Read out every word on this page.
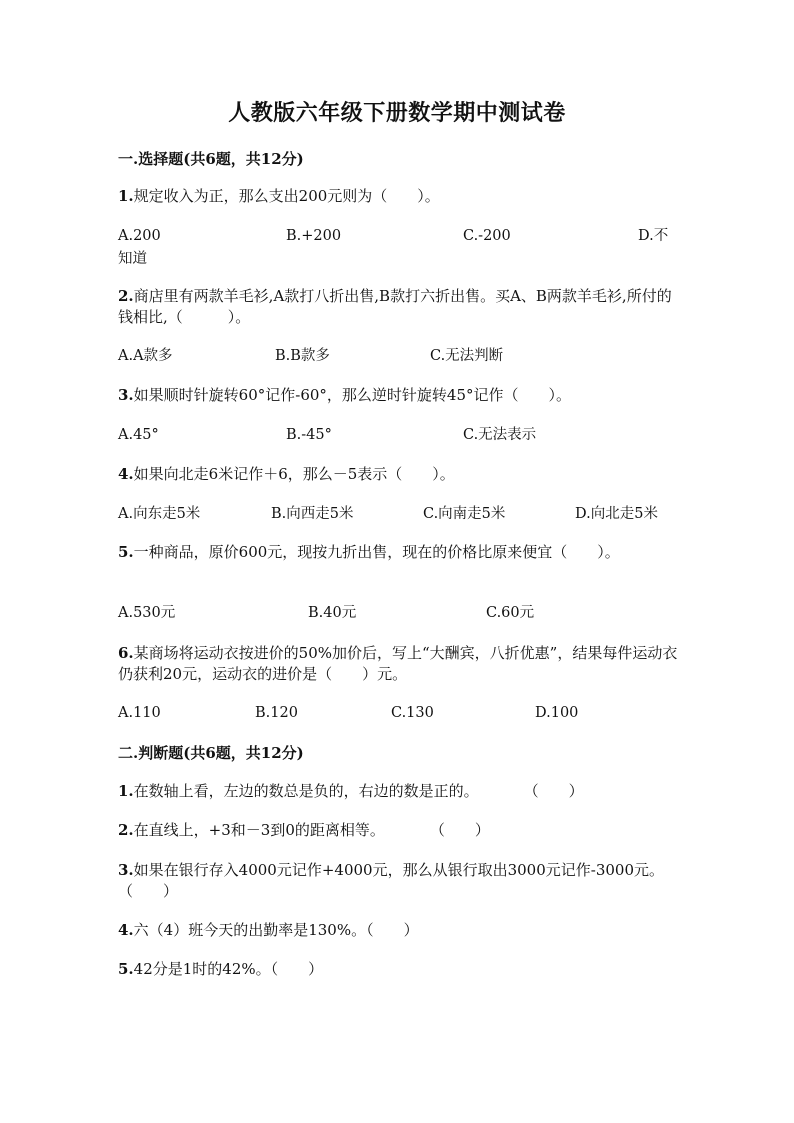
人教版六年级下册数学期中测试卷
一.选择题(共6题，共12分)
1.规定收入为正，那么支出200元则为（　　）。
A.200	B.+200	C.-200	D.不
知道
2.商店里有两款羊毛衫,A款打八折出售,B款打六折出售。买A、B两款羊毛衫,所付的钱相比,（　　　）。
A.A款多	B.B款多	C.无法判断
3.如果顺时针旋转60°记作-60°，那么逆时针旋转45°记作（　　）。
A.45°	B.-45°	C.无法表示
4.如果向北走6米记作＋6，那么－5表示（　　）。
A.向东走5米	B.向西走5米	C.向南走5米	D.向北走5米
5.一种商品，原价600元，现按九折出售，现在的价格比原来便宜（　　）。
A.530元	B.40元	C.60元
6.某商场将运动衣按进价的50%加价后，写上“大酬宾，八折优惠”，结果每件运动衣仍获利20元，运动衣的进价是（　　）元。
A.110	B.120	C.130	D.100
二.判断题(共6题，共12分)
1.在数轴上看，左边的数总是负的，右边的数是正的。　　　　（　　）
2.在直线上，+3和－3到0的距离相等。　　　　（　　）
3.如果在银行存入4000元记作+4000元，那么从银行取出3000元记作-3000元。　　　（　　）
4.六（4）班今天的出勤率是130%。（　　）
5.42分是1时的42%。（　　）
